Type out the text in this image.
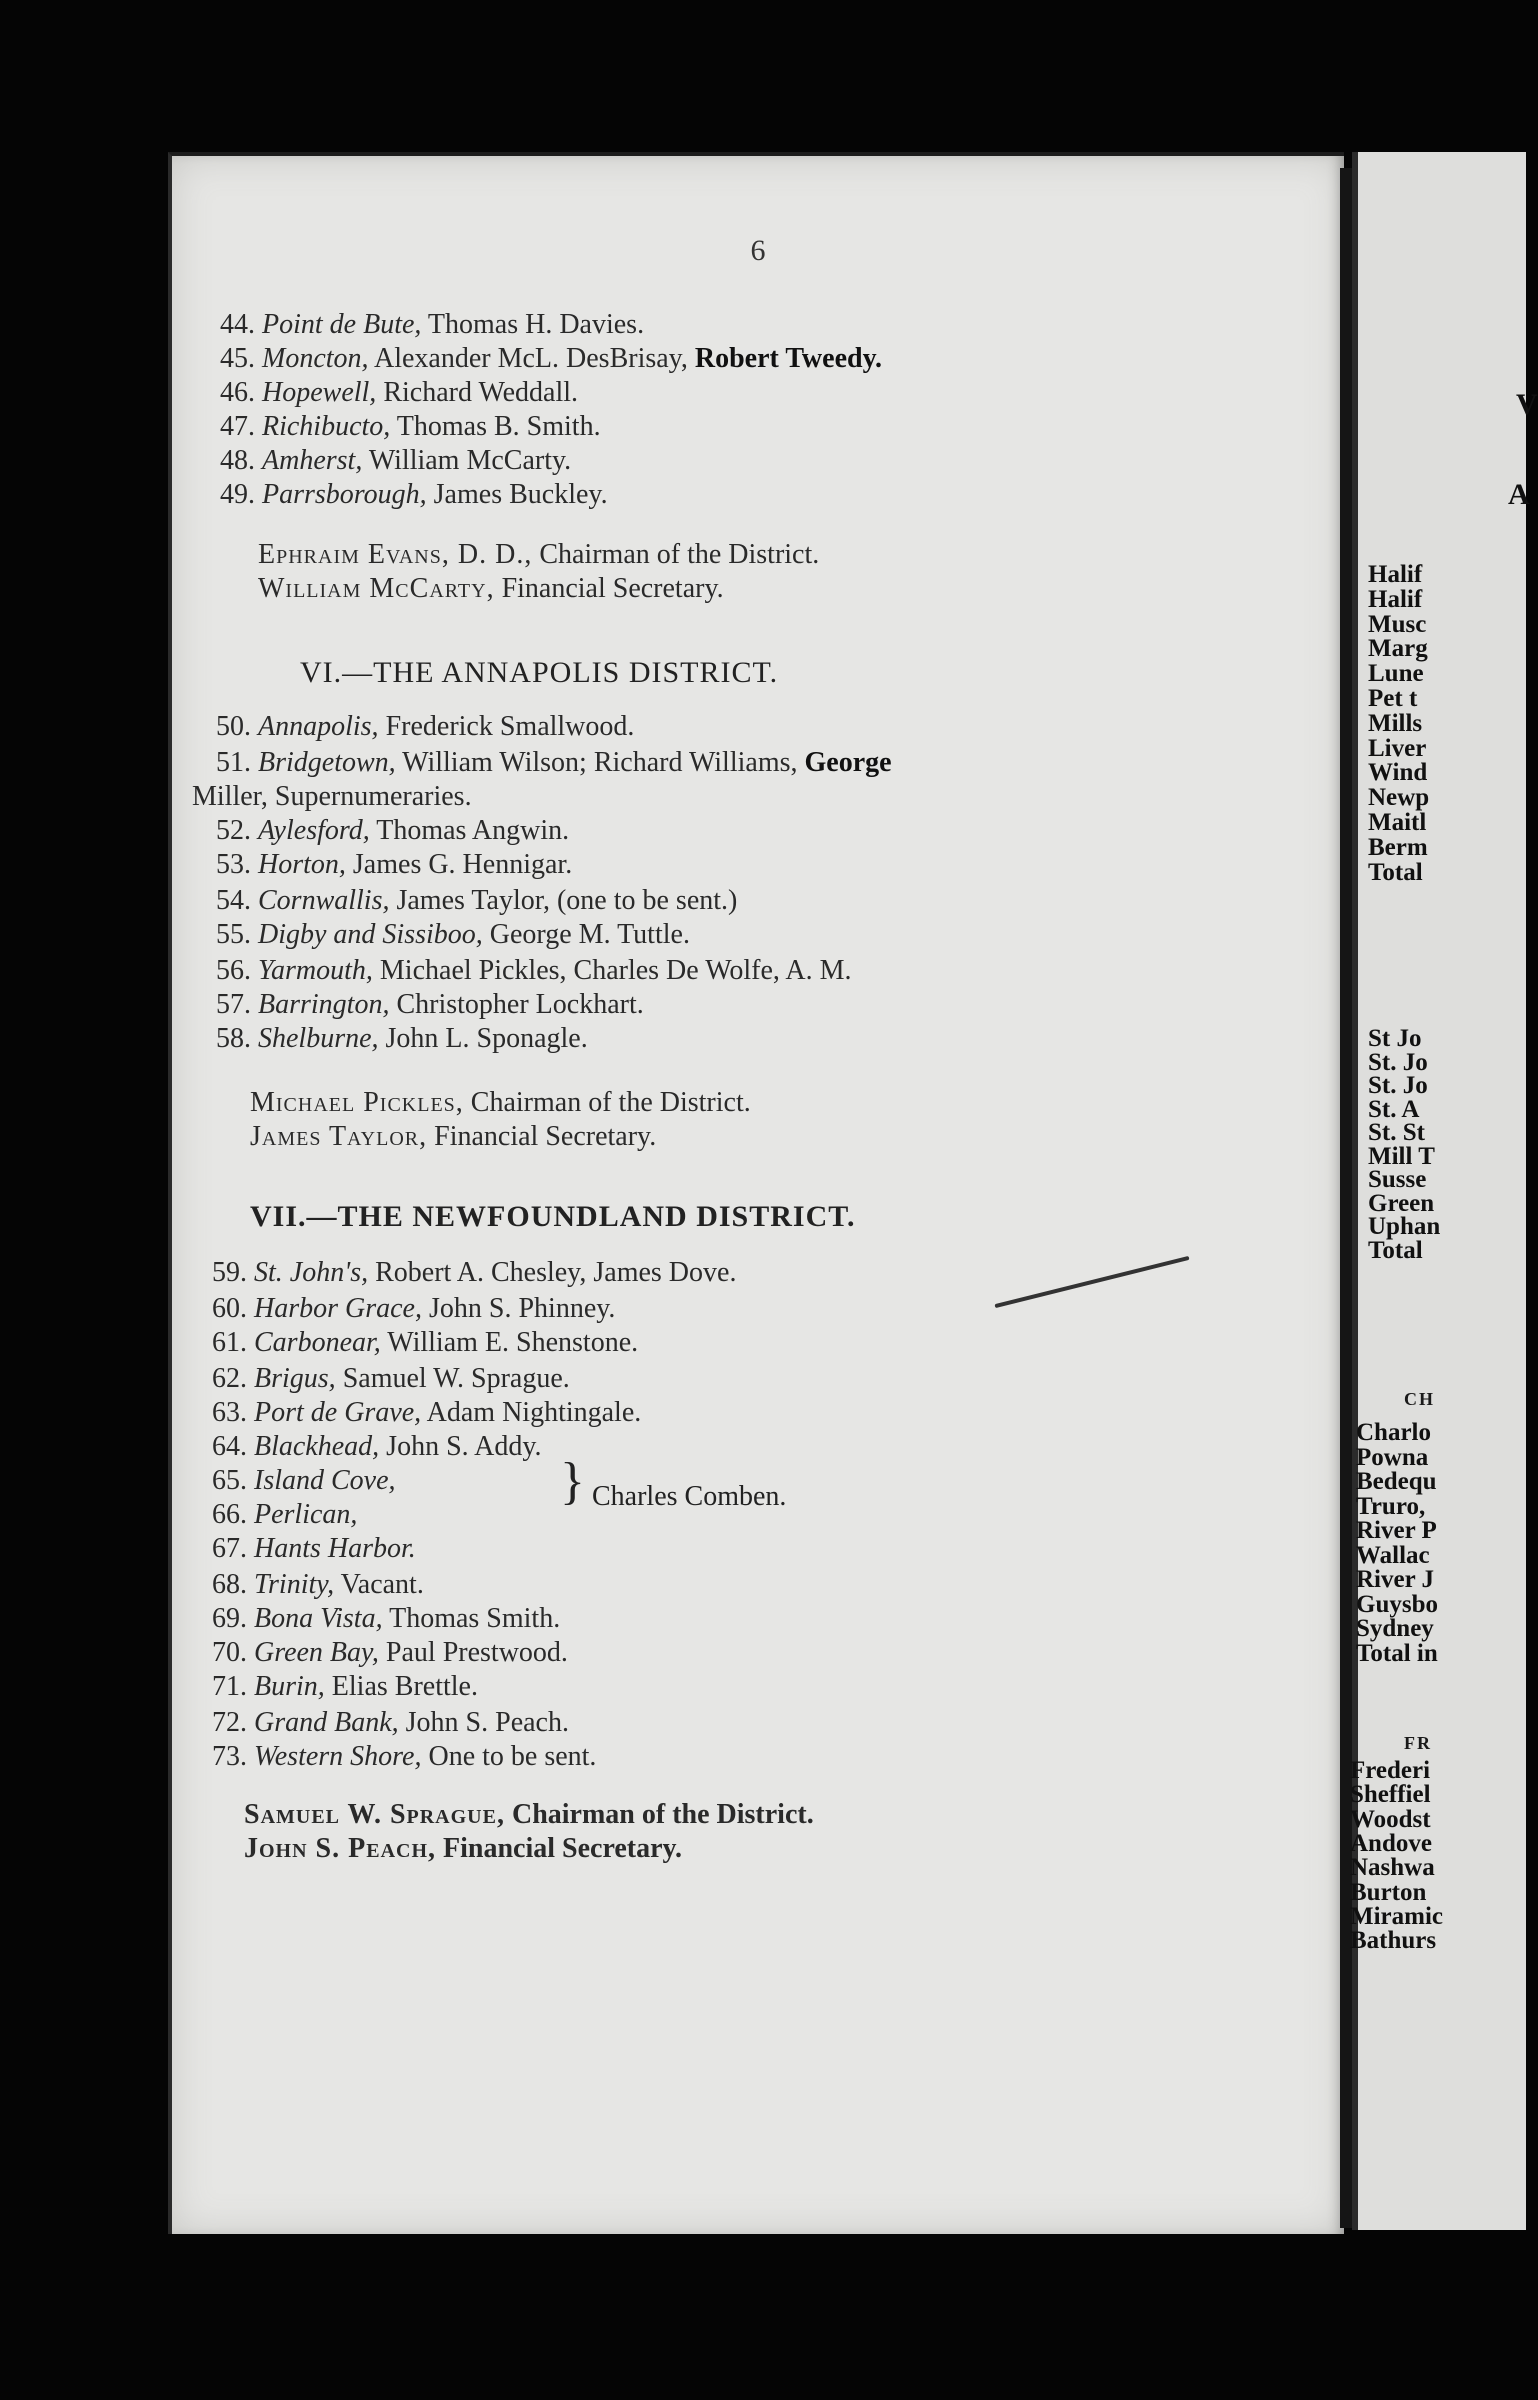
6
44. Point de Bute, Thomas H. Davies.
45. Moncton, Alexander McL. DesBrisay, Robert Tweedy.
46. Hopewell, Richard Weddall.
47. Richibucto, Thomas B. Smith.
48. Amherst, William McCarty.
49. Parrsborough, James Buckley.
Ephraim Evans, D. D., Chairman of the District.
William McCarty, Financial Secretary.
VI.—THE ANNAPOLIS DISTRICT.
50. Annapolis, Frederick Smallwood.
51. Bridgetown, William Wilson; Richard Williams, George
Miller, Supernumeraries.
52. Aylesford, Thomas Angwin.
53. Horton, James G. Hennigar.
54. Cornwallis, James Taylor, (one to be sent.)
55. Digby and Sissiboo, George M. Tuttle.
56. Yarmouth, Michael Pickles, Charles De Wolfe, A. M.
57. Barrington, Christopher Lockhart.
58. Shelburne, John L. Sponagle.
Michael Pickles, Chairman of the District.
James Taylor, Financial Secretary.
VII.—THE NEWFOUNDLAND DISTRICT.
59. St. John's, Robert A. Chesley, James Dove.
60. Harbor Grace, John S. Phinney.
61. Carbonear, William E. Shenstone.
62. Brigus, Samuel W. Sprague.
63. Port de Grave, Adam Nightingale.
64. Blackhead, John S. Addy.
65. Island Cove,
66. Perlican,
67. Hants Harbor.
68. Trinity, Vacant.
69. Bona Vista, Thomas Smith.
70. Green Bay, Paul Prestwood.
71. Burin, Elias Brettle.
72. Grand Bank, John S. Peach.
73. Western Shore, One to be sent.
Samuel W. Sprague, Chairman of the District.
John S. Peach, Financial Secretary.
} Charles Comben.
V
A
Halif
Halif
Musc
Marg
Lune
Pet t
Mills
Liver
Wind
Newp
Maitl
Berm
Total
St Jo
St. Jo
St. Jo
St. A
St. St
Mill T
Susse
Green
Uphan
Total
CH
Charlo
Powna
Bedequ
Truro,
River P
Wallac
River J
Guysbo
Sydney
Total in
FR
Frederi
Sheffiel
Woodst
Andove
Nashwa
Burton
Miramic
Bathurs
